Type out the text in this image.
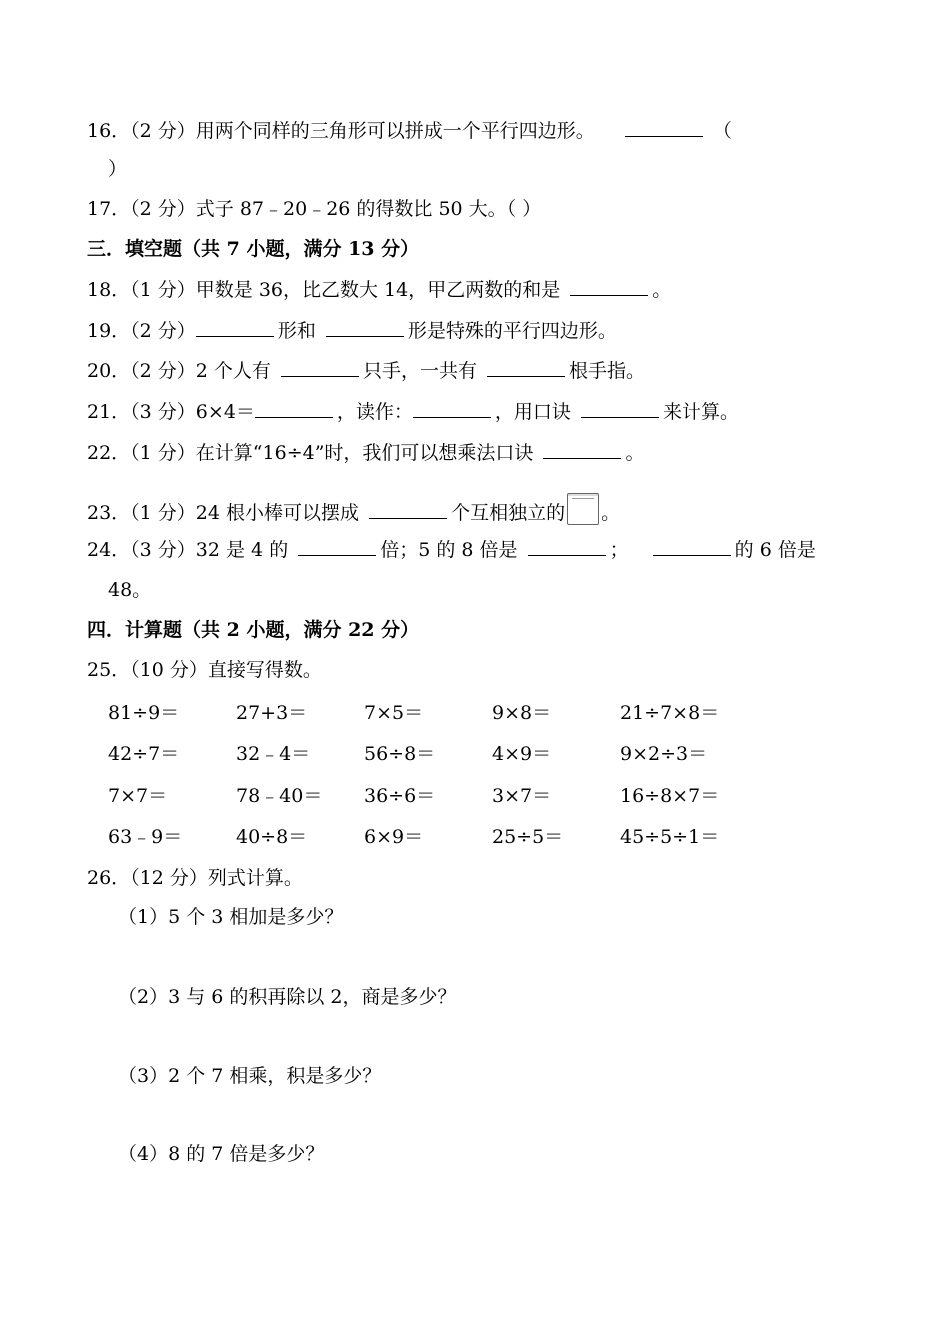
16．（2 分）用两个同样的三角形可以拼成一个平行四边形。	（
）
17．（2 分）式子 87﹣20﹣26 的得数比 50 大。（ ）
三．填空题（共 7 小题，满分 13 分）
18．（1 分）甲数是 36，比乙数大 14，甲乙两数的和是	。
19．（2 分）	形和	形是特殊的平行四边形。
20．（2 分）2 个人有	只手，一共有	根手指。
21．（3 分）6×4＝	，读作：	，用口诀	来计算。
22．（1 分）在计算“16÷4”时，我们可以想乘法口诀	。
23．（1 分）24 根小棒可以摆成	个互相独立的 。
24．（3 分）32 是 4 的	倍；5 的 8 倍是	；	的 6 倍是
48。
四．计算题（共 2 小题，满分 22 分）
25．（10 分）直接写得数。
81÷9＝	27+3＝	7×5＝	9×8＝	21÷7×8＝
42÷7＝	32﹣4＝	56÷8＝	4×9＝	9×2÷3＝
7×7＝	78﹣40＝ 36÷6＝	3×7＝	16÷8×7＝
63﹣9＝	40÷8＝	6×9＝	25÷5＝	45÷5÷1＝
26．（12 分）列式计算。
（1）5 个 3 相加是多少？
（2）3 与 6 的积再除以 2，商是多少？
（3）2 个 7 相乘，积是多少？
（4）8 的 7 倍是多少？
